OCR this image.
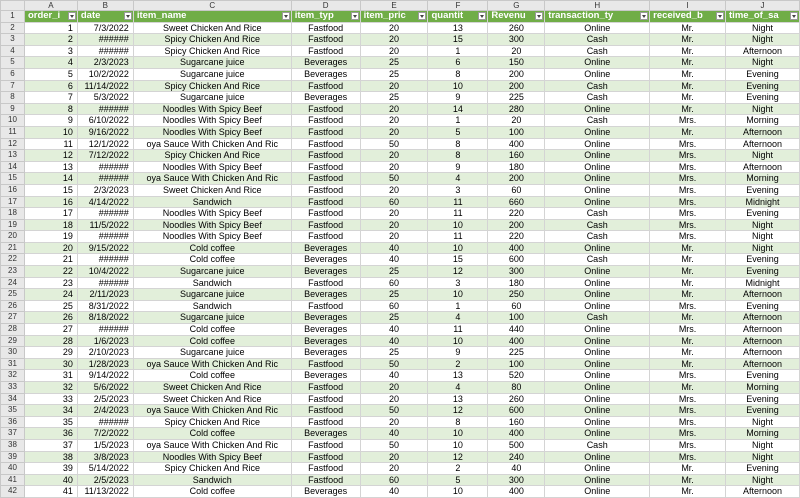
	A	B	C	D	E	F	G	H	I	J
1	order_i	date	item_name	item_typ	item_pric	quantit	Revenu	transaction_ty	received_b	time_of_sa

2	1	7/3/2022	Sweet Chicken And Rice	Fastfood	20	13	260	Online	Mr.	Night
3	2	######	Spicy Chicken And Rice	Fastfood	20	15	300	Cash	Mr.	Night
4	3	######	Spicy Chicken And Rice	Fastfood	20	1	20	Cash	Mr.	Afternoon
5	4	2/3/2023	Sugarcane juice	Beverages	25	6	150	Online	Mr.	Night
6	5	10/2/2022	Sugarcane juice	Beverages	25	8	200	Online	Mr.	Evening
7	6	11/14/2022	Spicy Chicken And Rice	Fastfood	20	10	200	Cash	Mr.	Evening
8	7	5/3/2022	Sugarcane juice	Beverages	25	9	225	Cash	Mr.	Evening
9	8	######	Noodles With Spicy Beef	Fastfood	20	14	280	Online	Mr.	Night
10	9	6/10/2022	Noodles With Spicy Beef	Fastfood	20	1	20	Cash	Mrs.	Morning
11	10	9/16/2022	Noodles With Spicy Beef	Fastfood	20	5	100	Online	Mr.	Afternoon
12	11	12/1/2022	oya Sauce With Chicken And Ric	Fastfood	50	8	400	Online	Mrs.	Afternoon
13	12	7/12/2022	Spicy Chicken And Rice	Fastfood	20	8	160	Online	Mrs.	Night
14	13	######	Noodles With Spicy Beef	Fastfood	20	9	180	Online	Mrs.	Afternoon
15	14	######	oya Sauce With Chicken And Ric	Fastfood	50	4	200	Online	Mrs.	Morning
16	15	2/3/2023	Sweet Chicken And Rice	Fastfood	20	3	60	Online	Mrs.	Evening
17	16	4/14/2022	Sandwich	Fastfood	60	11	660	Online	Mrs.	Midnight
18	17	######	Noodles With Spicy Beef	Fastfood	20	11	220	Cash	Mrs.	Evening
19	18	11/5/2022	Noodles With Spicy Beef	Fastfood	20	10	200	Cash	Mrs.	Night
20	19	######	Noodles With Spicy Beef	Fastfood	20	11	220	Cash	Mrs.	Night
21	20	9/15/2022	Cold coffee	Beverages	40	10	400	Online	Mr.	Night
22	21	######	Cold coffee	Beverages	40	15	600	Cash	Mr.	Evening
23	22	10/4/2022	Sugarcane juice	Beverages	25	12	300	Online	Mr.	Evening
24	23	######	Sandwich	Fastfood	60	3	180	Online	Mr.	Midnight
25	24	2/11/2023	Sugarcane juice	Beverages	25	10	250	Online	Mr.	Afternoon
26	25	8/31/2022	Sandwich	Fastfood	60	1	60	Online	Mrs.	Evening
27	26	8/18/2022	Sugarcane juice	Beverages	25	4	100	Cash	Mr.	Afternoon
28	27	######	Cold coffee	Beverages	40	11	440	Online	Mrs.	Afternoon
29	28	1/6/2023	Cold coffee	Beverages	40	10	400	Online	Mr.	Afternoon
30	29	2/10/2023	Sugarcane juice	Beverages	25	9	225	Online	Mr.	Afternoon
31	30	1/28/2023	oya Sauce With Chicken And Ric	Fastfood	50	2	100	Online	Mr.	Afternoon
32	31	9/14/2022	Cold coffee	Beverages	40	13	520	Online	Mrs.	Evening
33	32	5/6/2022	Sweet Chicken And Rice	Fastfood	20	4	80	Online	Mr.	Morning
34	33	2/5/2023	Sweet Chicken And Rice	Fastfood	20	13	260	Online	Mrs.	Evening
35	34	2/4/2023	oya Sauce With Chicken And Ric	Fastfood	50	12	600	Online	Mrs.	Evening
36	35	######	Spicy Chicken And Rice	Fastfood	20	8	160	Online	Mrs.	Night
37	36	7/2/2022	Cold coffee	Beverages	40	10	400	Online	Mrs.	Morning
38	37	1/5/2023	oya Sauce With Chicken And Ric	Fastfood	50	10	500	Cash	Mrs.	Night
39	38	3/8/2023	Noodles With Spicy Beef	Fastfood	20	12	240	Online	Mrs.	Night
40	39	5/14/2022	Spicy Chicken And Rice	Fastfood	20	2	40	Online	Mr.	Evening
41	40	2/5/2023	Sandwich	Fastfood	60	5	300	Online	Mr.	Night
42	41	11/13/2022	Cold coffee	Beverages	40	10	400	Online	Mr.	Afternoon
